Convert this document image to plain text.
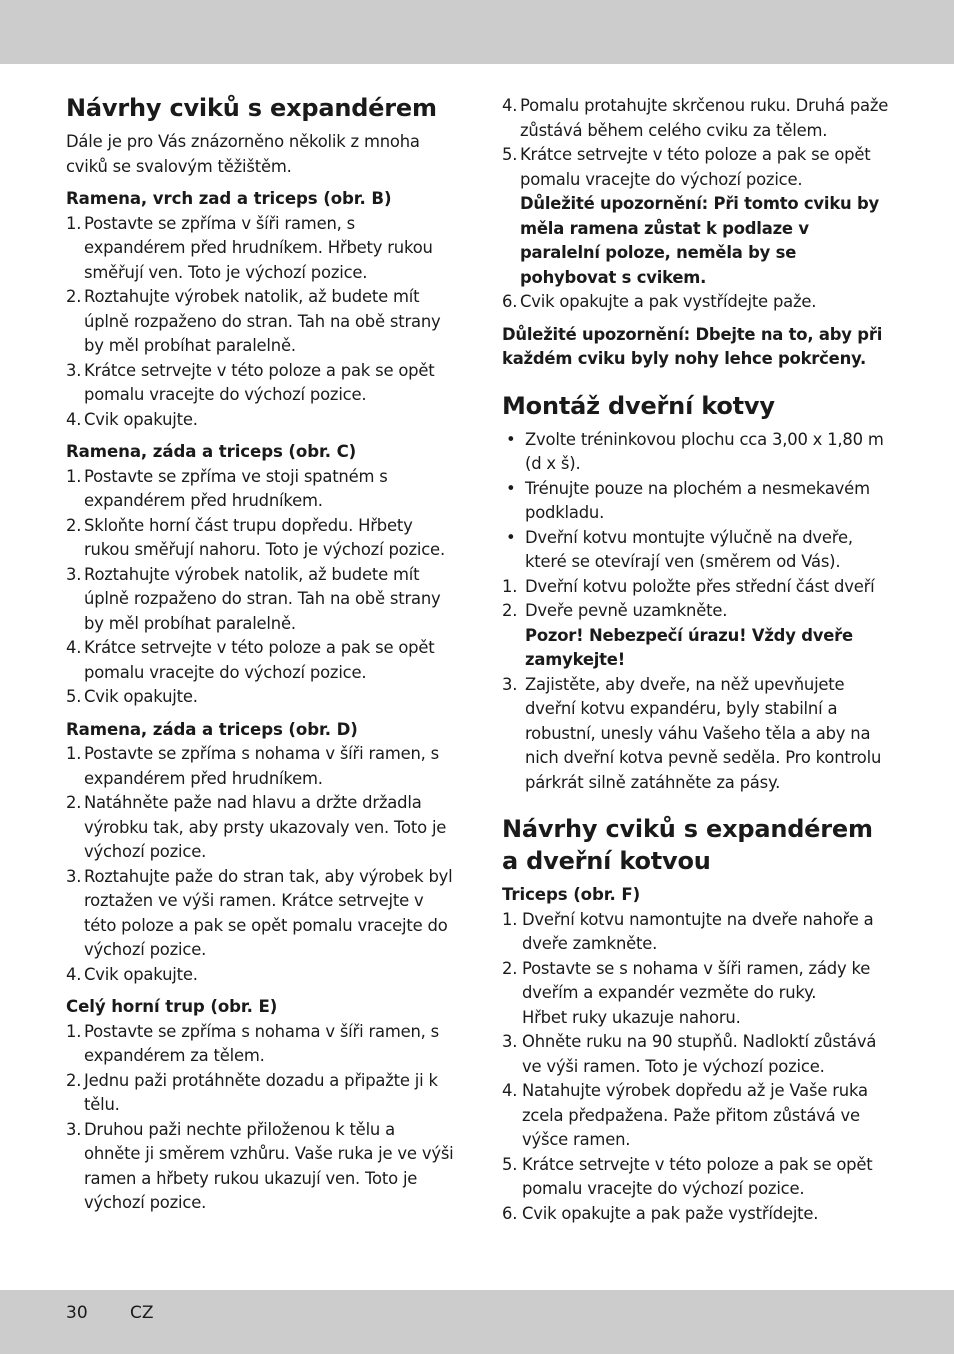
Návrhy cviků s expandérem

Dále je pro Vás znázorněno několik z mnoha cviků se svalovým těžištěm.

Ramena, vrch zad a triceps (obr. B)
1. Postavte se zpříma v šíři ramen, s expandérem před hrudníkem. Hřbety rukou směřují ven. Toto je výchozí pozice.
2. Roztahujte výrobek natolik, až budete mít úplně rozpaženo do stran. Tah na obě strany by měl probíhat paralelně.
3. Krátce setrvejte v této poloze a pak se opět pomalu vracejte do výchozí pozice.
4. Cvik opakujte.
Ramena, záda a triceps (obr. C)
1. Postavte se zpříma ve stoji spatném s expandérem před hrudníkem.
2. Skloňte horní část trupu dopředu. Hřbety rukou směřují nahoru. Toto je výchozí pozice.
3. Roztahujte výrobek natolik, až budete mít úplně rozpaženo do stran. Tah na obě strany by měl probíhat paralelně.
4. Krátce setrvejte v této poloze a pak se opět pomalu vracejte do výchozí pozice.
5. Cvik opakujte.
Ramena, záda a triceps (obr. D)
1. Postavte se zpříma s nohama v šíři ramen, s expandérem před hrudníkem.
2. Natáhněte paže nad hlavu a držte držadla výrobku tak, aby prsty ukazovaly ven. Toto je výchozí pozice.
3. Roztahujte paže do stran tak, aby výrobek byl roztažen ve výši ramen. Krátce setrvejte v této poloze a pak se opět pomalu vracejte do výchozí pozice.
4. Cvik opakujte.
Celý horní trup (obr. E)
1. Postavte se zpříma s nohama v šíři ramen, s expandérem za tělem.
2. Jednu paži protáhněte dozadu a připažte ji k tělu.
3. Druhou paži nechte přiloženou k tělu a ohněte ji směrem vzhůru. Vaše ruka je ve výši ramen a hřbety rukou ukazují ven. Toto je výchozí pozice.
4. Pomalu protahujte skrčenou ruku. Druhá paže zůstává během celého cviku za tělem.
5. Krátce setrvejte v této poloze a pak se opět pomalu vracejte do výchozí pozice.
Důležité upozornění: Při tomto cviku by měla ramena zůstat k podlaze v paralelní poloze, neměla by se pohybovat s cvikem.
6. Cvik opakujte a pak vystřídejte paže.

Důležité upozornění: Dbejte na to, aby při každém cviku byly nohy lehce pokrčeny.

Montáž dveřní kotvy
• Zvolte tréninkovou plochu cca 3,00 x 1,80 m (d x š).
• Trénujte pouze na plochém a nesmekavém podkladu.
• Dveřní kotvu montujte výlučně na dveře, které se otevírají ven (směrem od Vás).
1. Dveřní kotvu položte přes střední část dveří
2. Dveře pevně uzamkněte.
Pozor! Nebezpečí úrazu! Vždy dveře zamykejte!
3. Zajistěte, aby dveře, na něž upevňujete dveřní kotvu expandéru, byly stabilní a robustní, unesly váhu Vašeho těla a aby na nich dveřní kotva pevně seděla. Pro kontrolu párkrát silně zatáhněte za pásy.
Návrhy cviků s expandérem a dveřní kotvou
Triceps (obr. F)
1. Dveřní kotvu namontujte na dveře nahoře a dveře zamkněte.
2. Postavte se s nohama v šíři ramen, zády ke dveřím a expandér vezměte do ruky.
Hřbet ruky ukazuje nahoru.
3. Ohněte ruku na 90 stupňů. Nadloktí zůstává ve výši ramen. Toto je výchozí pozice.
4. Natahujte výrobek dopředu až je Vaše ruka zcela předpažena. Paže přitom zůstává ve výšce ramen.
5. Krátce setrvejte v této poloze a pak se opět pomalu vracejte do výchozí pozice.
6. Cvik opakujte a pak paže vystřídejte.
30 CZ
